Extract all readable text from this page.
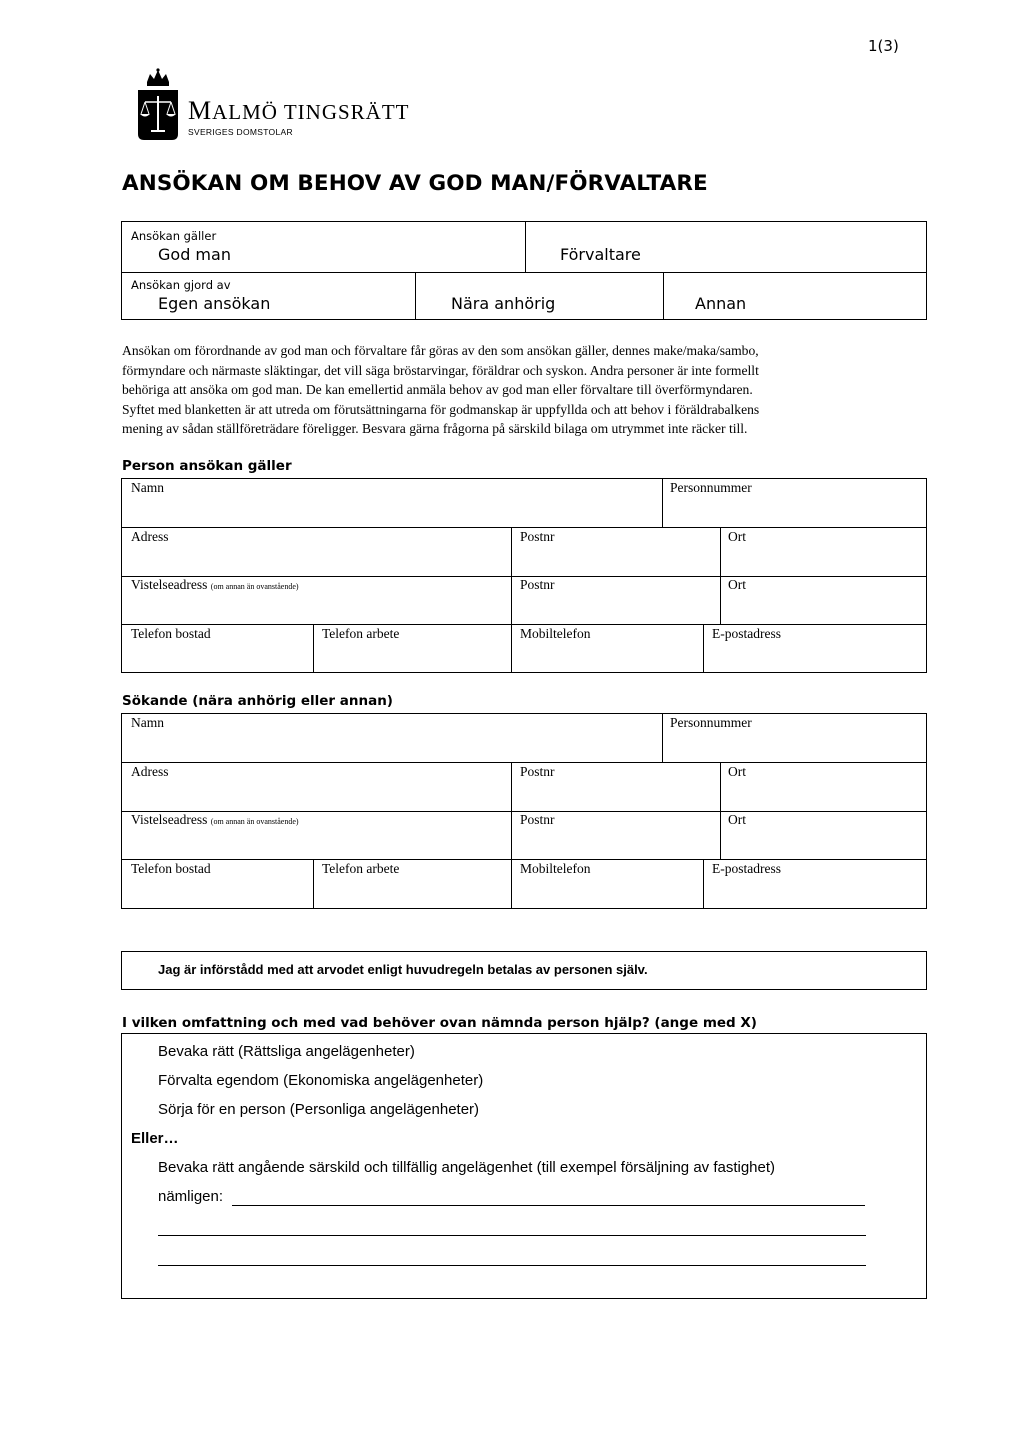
1(3)
MALMÖ TINGSRÄTT
SVERIGES DOMSTOLAR
ANSÖKAN OM BEHOV AV GOD MAN/FÖRVALTARE
Ansökan gäller
God man	Förvaltare
Ansökan gjord av
Egen ansökan	Nära anhörig	Annan

Ansökan om förordnande av god man och förvaltare får göras av den som ansökan gäller, dennes make/maka/sambo,

förmyndare och närmaste släktingar, det vill säga bröstarvingar, föräldrar och syskon. Andra personer är inte formellt

behöriga att ansöka om god man. De kan emellertid anmäla behov av god man eller förvaltare till överförmyndaren.

Syftet med blanketten är att utreda om förutsättningarna för godmanskap är uppfyllda och att behov i föräldrabalkens

mening av sådan ställföreträdare föreligger. Besvara gärna frågorna på särskild bilaga om utrymmet inte räcker till.

Person ansökan gäller
Namn	Personnummer
Adress	Postnr	Ort
Vistelseadress (om annan än ovanstående)	Postnr	Ort
Telefon bostad	Telefon arbete	Mobiltelefon	E-postadress
Sökande (nära anhörig eller annan)
Namn	Personnummer
Adress	Postnr	Ort
Vistelseadress (om annan än ovanstående)	Postnr	Ort
Telefon bostad	Telefon arbete	Mobiltelefon	E-postadress
Jag är införstådd med att arvodet enligt huvudregeln betalas av personen själv.
I vilken omfattning och med vad behöver ovan nämnda person hjälp? (ange med X)
Bevaka rätt (Rättsliga angelägenheter)
Förvalta egendom (Ekonomiska angelägenheter)
Sörja för en person (Personliga angelägenheter)
Eller…
Bevaka rätt angående särskild och tillfällig angelägenhet (till exempel försäljning av fastighet)
nämligen:
